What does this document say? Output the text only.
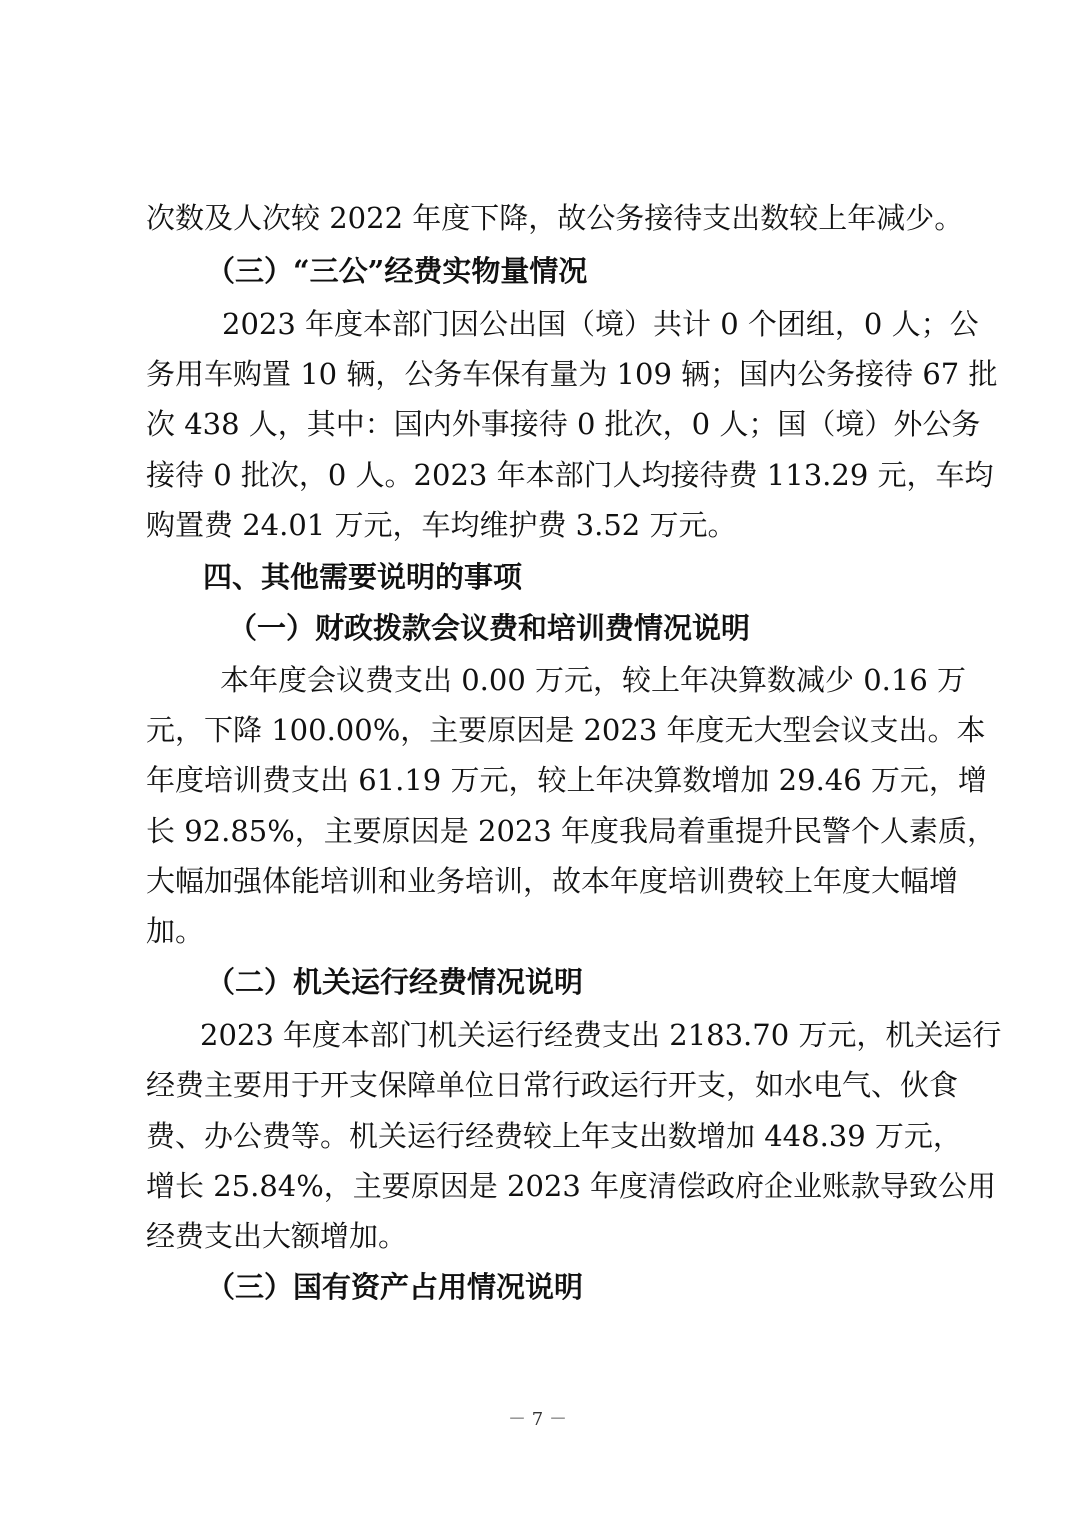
次数及人次较 2022 年度下降，故公务接待支出数较上年减少。
（三）“三公”经费实物量情况
2023 年度本部门因公出国（境）共计 0 个团组，0 人；公
务用车购置 10 辆，公务车保有量为 109 辆；国内公务接待 67 批
次 438 人，其中：国内外事接待 0 批次，0 人；国（境）外公务
接待 0 批次，0 人。2023 年本部门人均接待费 113.29 元，车均
购置费 24.01 万元，车均维护费 3.52 万元。
四、其他需要说明的事项
（一）财政拨款会议费和培训费情况说明
本年度会议费支出 0.00 万元，较上年决算数减少 0.16 万
元，下降 100.00%，主要原因是 2023 年度无大型会议支出。本
年度培训费支出 61.19 万元，较上年决算数增加 29.46 万元，增
长 92.85%，主要原因是 2023 年度我局着重提升民警个人素质，
大幅加强体能培训和业务培训，故本年度培训费较上年度大幅增
加。
（二）机关运行经费情况说明
2023 年度本部门机关运行经费支出 2183.70 万元，机关运行
经费主要用于开支保障单位日常行政运行开支，如水电气、伙食
费、办公费等。机关运行经费较上年支出数增加 448.39 万元，
增长 25.84%，主要原因是 2023 年度清偿政府企业账款导致公用
经费支出大额增加。
（三）国有资产占用情况说明
－ 7 －
